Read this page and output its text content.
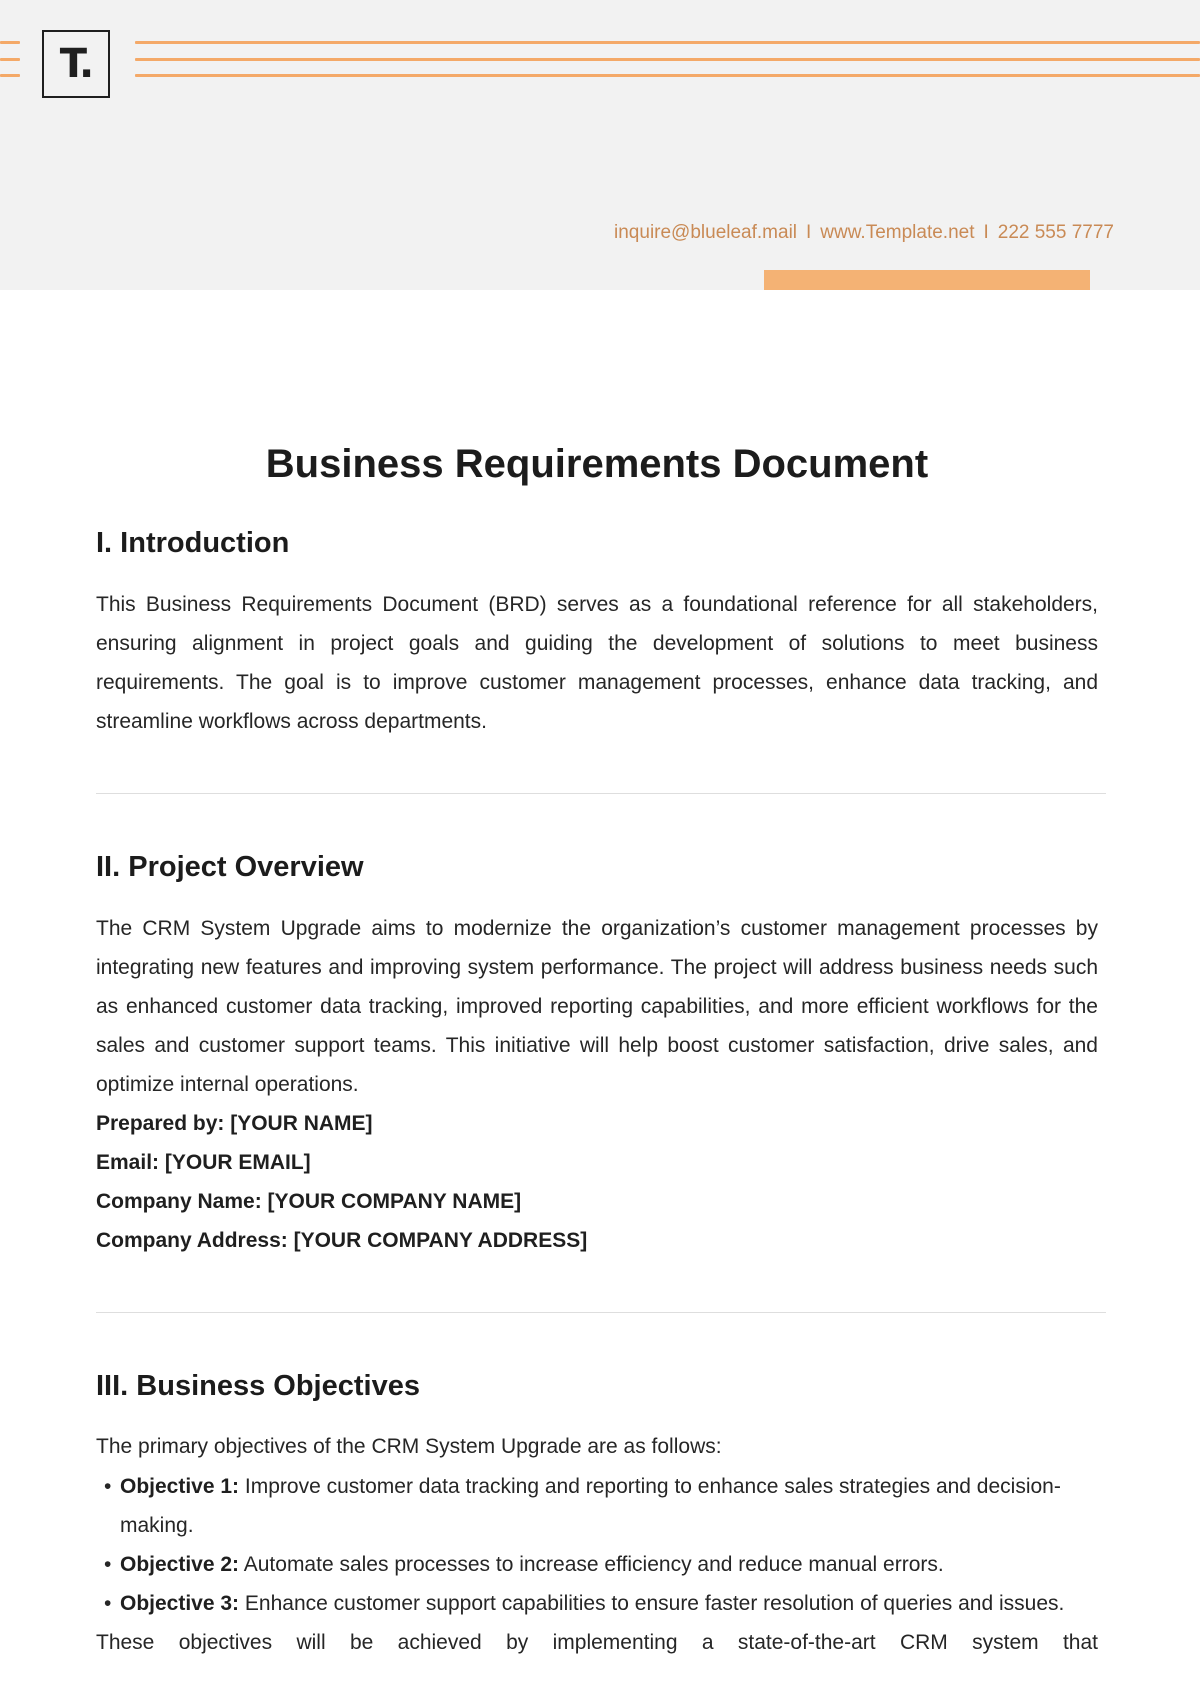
T.
inquire@blueleaf.mail I www.Template.net I 222 555 7777
Business Requirements Document
I. Introduction

This Business Requirements Document (BRD) serves as a foundational reference for all stakeholders, ensuring alignment in project goals and guiding the development of solutions to meet business requirements. The goal is to improve customer management processes, enhance data tracking, and streamline workflows across departments.

II. Project Overview

The CRM System Upgrade aims to modernize the organization’s customer management processes by integrating new features and improving system performance. The project will address business needs such as enhanced customer data tracking, improved reporting capabilities, and more efficient workflows for the sales and customer support teams. This initiative will help boost customer satisfaction, drive sales, and optimize internal operations.

Prepared by: [YOUR NAME]

Email: [YOUR EMAIL]

Company Name: [YOUR COMPANY NAME]

Company Address: [YOUR COMPANY ADDRESS]

III. Business Objectives

The primary objectives of the CRM System Upgrade are as follows:

• Objective 1: Improve customer data tracking and reporting to enhance sales strategies and decision-making.
• Objective 2: Automate sales processes to increase efficiency and reduce manual errors.
• Objective 3: Enhance customer support capabilities to ensure faster resolution of queries and issues.

These objectives will be achieved by implementing a state-of-the-art CRM system that
